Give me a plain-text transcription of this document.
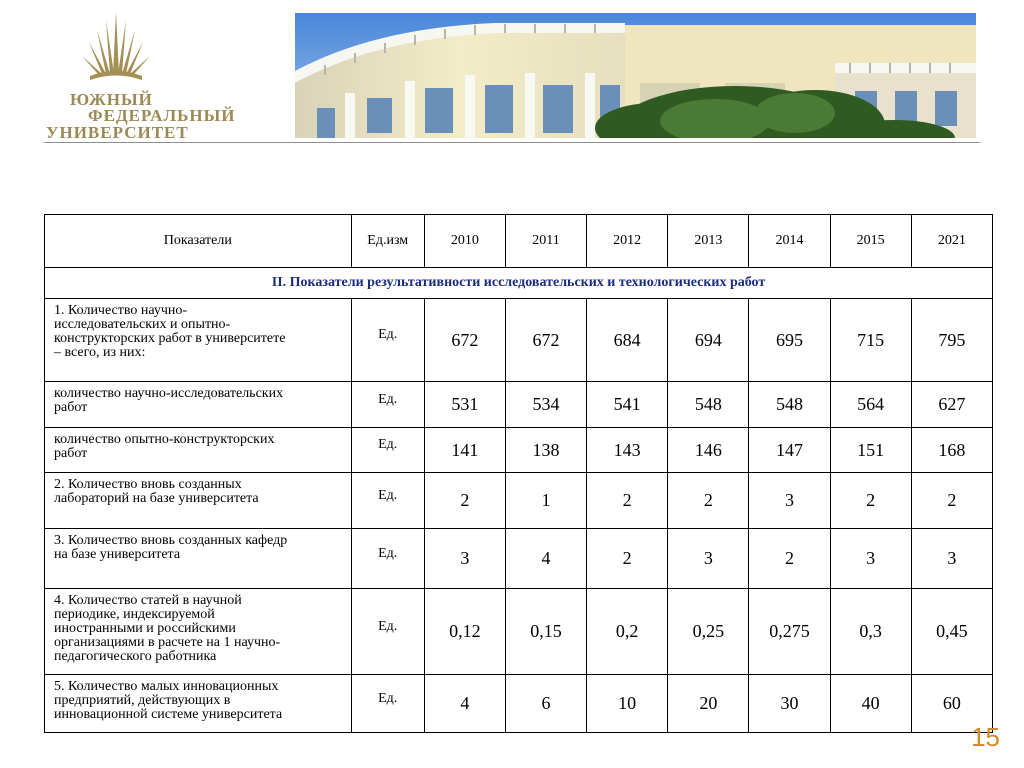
ЮЖНЫЙ
ФЕДЕРАЛЬНЫЙ
УНИВЕРСИТЕТ
Показатели	Ед.изм	2010	2011	2012	2013	2014	2015	2021
II. Показатели результативности исследовательских и технологических работ								

1. Количество научно-
исследовательских и опытно-
конструкторских работ в университете
– всего, из них:	Ед.	672	672	684	694	695	715	795

количество научно-исследовательских
работ	Ед.	531	534	541	548	548	564	627

количество опытно-конструкторских
работ	Ед.	141	138	143	146	147	151	168

2. Количество вновь созданных
лабораторий на базе университета	Ед.	2	1	2	2	3	2	2

3. Количество вновь созданных кафедр
на базе университета	Ед.	3	4	2	3	2	3	3

4. Количество статей в научной
периодике, индексируемой
иностранными и российскими
организациями в расчете на 1 научно-
педагогического работника	Ед.	0,12	0,15	0,2	0,25	0,275	0,3	0,45

5. Количество малых инновационных
предприятий, действующих в
инновационной системе университета	Ед.	4	6	10	20	30	40	60
15
